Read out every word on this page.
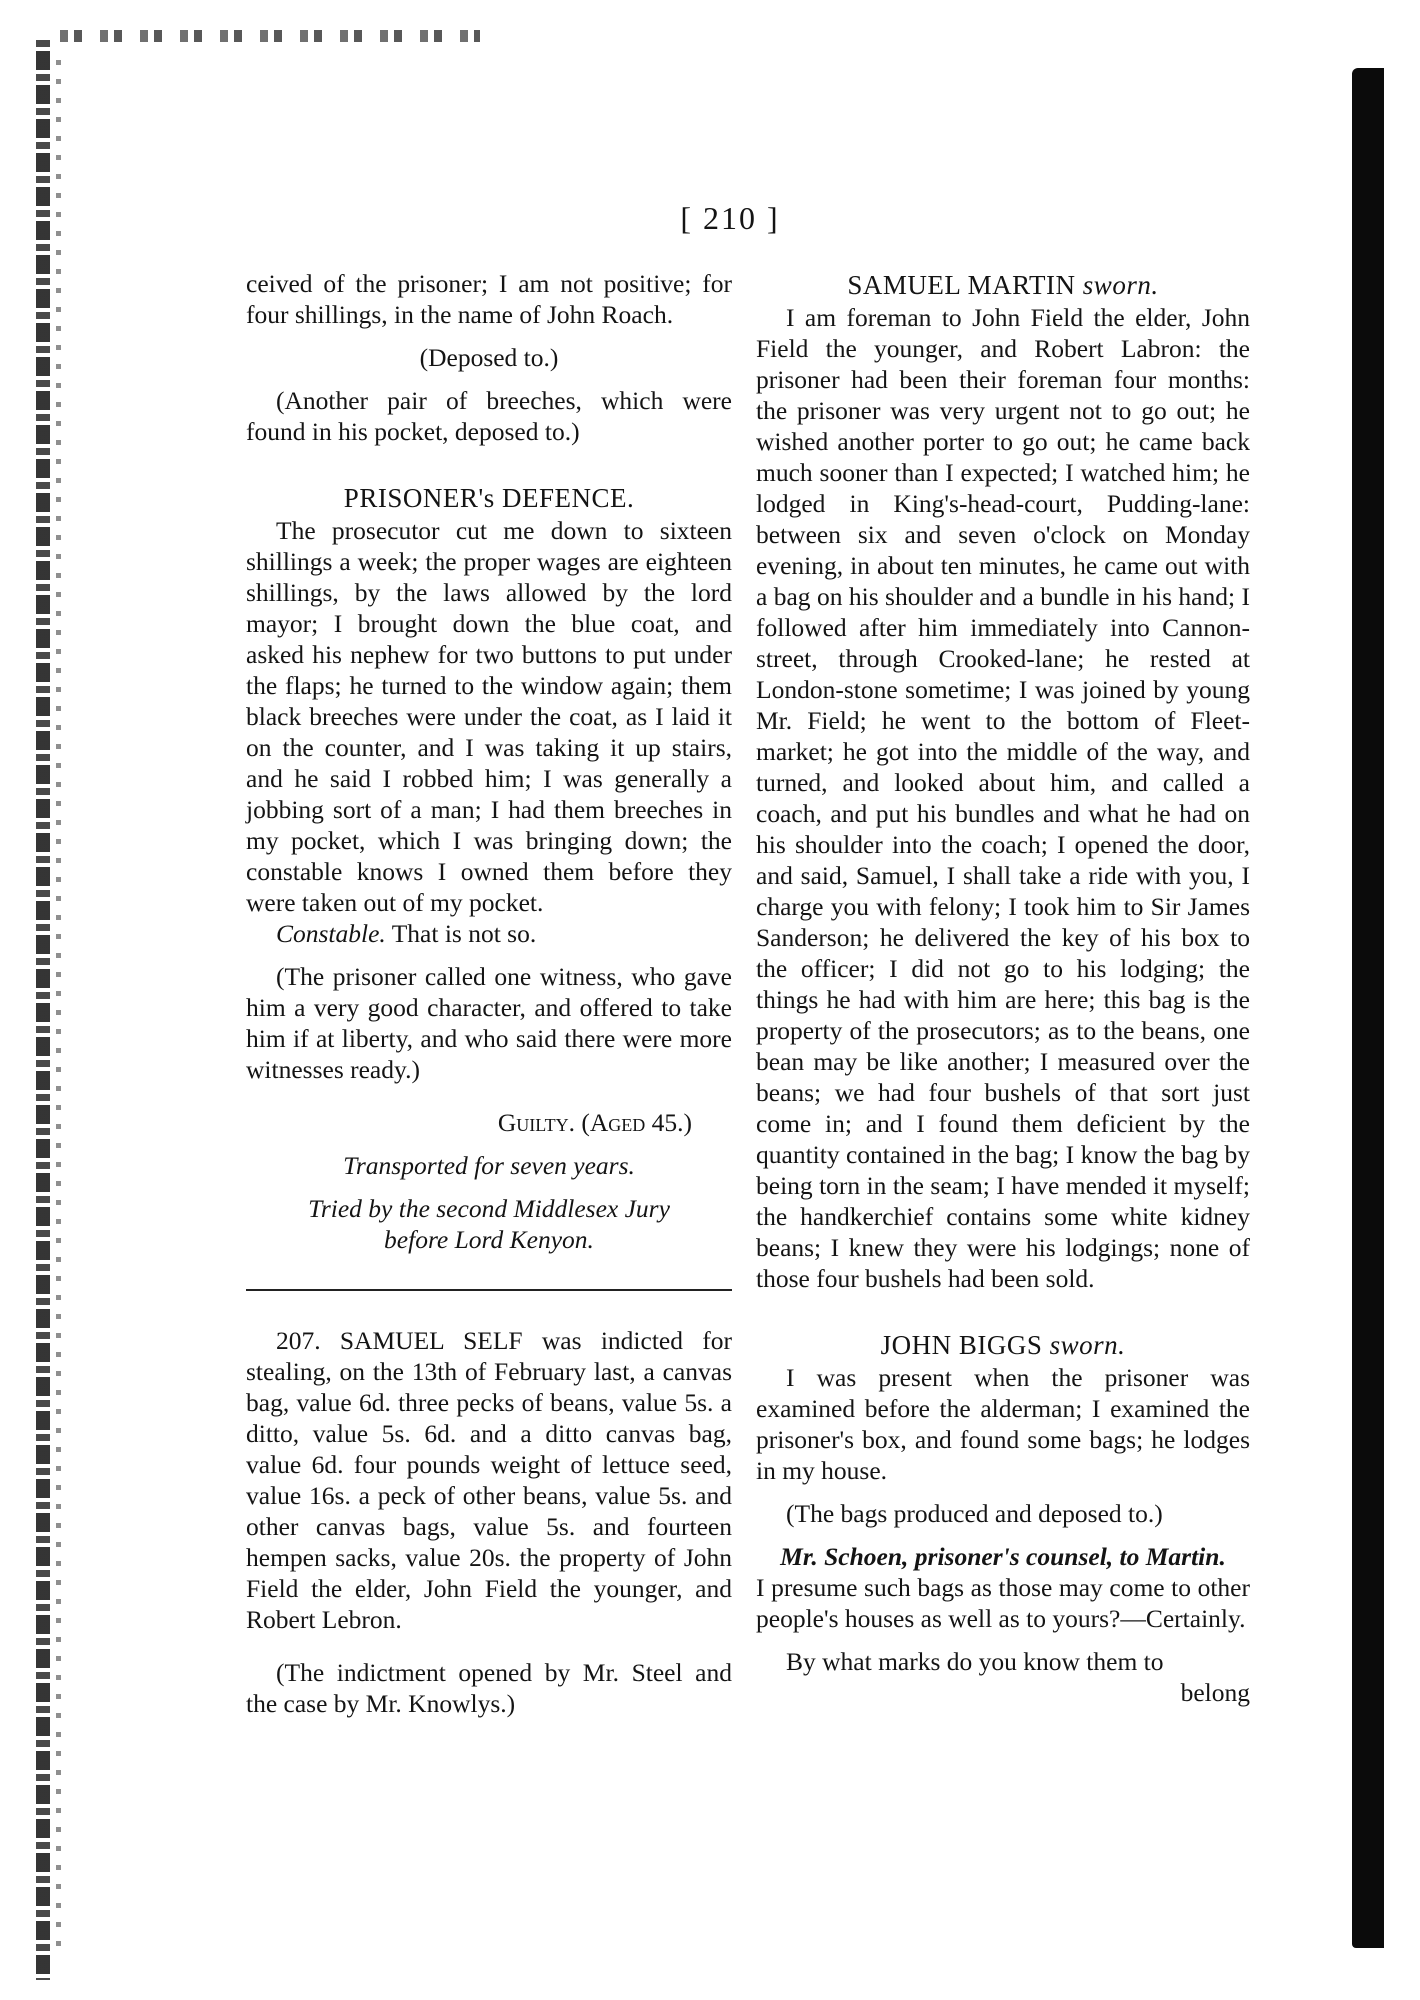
[ 210 ]

ceived of the prisoner; I am not positive; for four shillings, in the name of John Roach.

(Deposed to.)

(Another pair of breeches, which were found in his pocket, deposed to.)

PRISONER's DEFENCE.

The prosecutor cut me down to sixteen shillings a week; the proper wages are eighteen shillings, by the laws allowed by the lord mayor; I brought down the blue coat, and asked his nephew for two buttons to put under the flaps; he turned to the window again; them black breeches were under the coat, as I laid it on the counter, and I was taking it up stairs, and he said I robbed him; I was generally a jobbing sort of a man; I had them breeches in my pocket, which I was bringing down; the constable knows I owned them before they were taken out of my pocket.

Constable. That is not so.

(The prisoner called one witness, who gave him a very good character, and offered to take him if at liberty, and who said there were more witnesses ready.)

Guilty. (Aged 45.)

Transported for seven years.

Tried by the second Middlesex Jury before Lord Kenyon.

207. SAMUEL SELF was indicted for stealing, on the 13th of February last, a canvas bag, value 6d. three pecks of beans, value 5s. a ditto, value 5s. 6d. and a ditto canvas bag, value 6d. four pounds weight of lettuce seed, value 16s. a peck of other beans, value 5s. and other canvas bags, value 5s. and fourteen hempen sacks, value 20s. the property of John Field the elder, John Field the younger, and Robert Lebron.

(The indictment opened by Mr. Steel and the case by Mr. Knowlys.)

SAMUEL MARTIN sworn.

I am foreman to John Field the elder, John Field the younger, and Robert Labron: the prisoner had been their foreman four months: the prisoner was very urgent not to go out; he wished another porter to go out; he came back much sooner than I expected; I watched him; he lodged in King's-head-court, Pudding-lane: between six and seven o'clock on Monday evening, in about ten minutes, he came out with a bag on his shoulder and a bundle in his hand; I followed after him immediately into Cannon-street, through Crooked-lane; he rested at London-stone sometime; I was joined by young Mr. Field; he went to the bottom of Fleet-market; he got into the middle of the way, and turned, and looked about him, and called a coach, and put his bundles and what he had on his shoulder into the coach; I opened the door, and said, Samuel, I shall take a ride with you, I charge you with felony; I took him to Sir James Sanderson; he delivered the key of his box to the officer; I did not go to his lodging; the things he had with him are here; this bag is the property of the prosecutors; as to the beans, one bean may be like another; I measured over the beans; we had four bushels of that sort just come in; and I found them deficient by the quantity contained in the bag; I know the bag by being torn in the seam; I have mended it myself; the handkerchief contains some white kidney beans; I knew they were his lodgings; none of those four bushels had been sold.

JOHN BIGGS sworn.

I was present when the prisoner was examined before the alderman; I examined the prisoner's box, and found some bags; he lodges in my house.

(The bags produced and deposed to.)

Mr. Schoen, prisoner's counsel, to Martin.

I presume such bags as those may come to other people's houses as well as to yours?—Certainly.

By what marks do you know them to

belong
